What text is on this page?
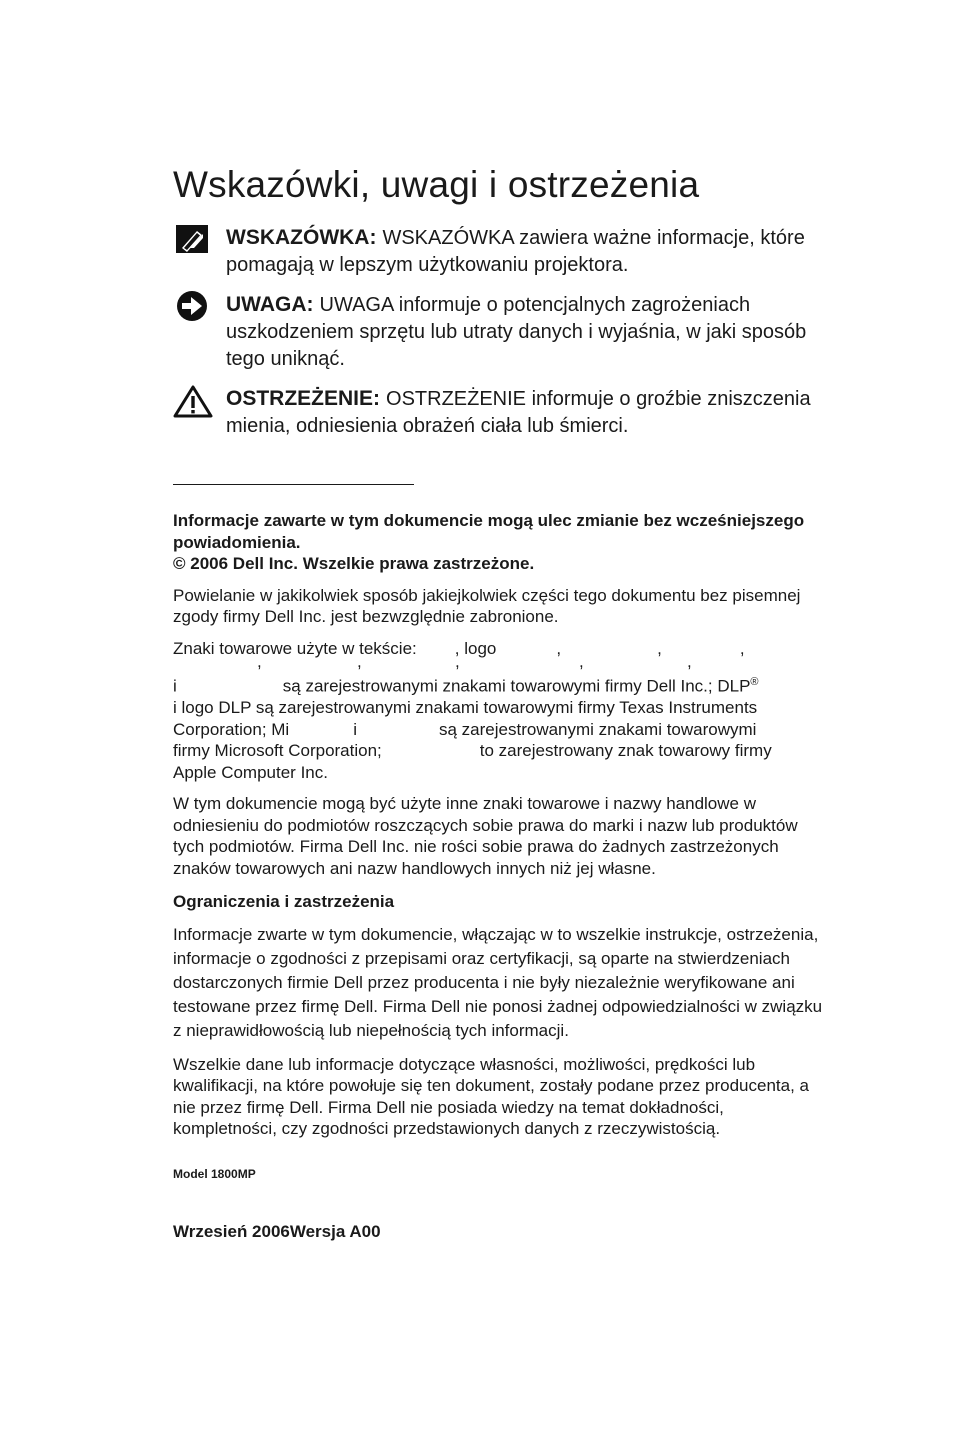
Wskazówki, uwagi i ostrzeżenia
WSKAZÓWKA: WSKAZÓWKA zawiera ważne informacje, które pomagają w lepszym użytkowaniu projektora.
UWAGA: UWAGA informuje o potencjalnych zagrożeniach uszkodzeniem sprzętu lub utraty danych i wyjaśnia, w jaki sposób tego uniknąć.
OSTRZEŻENIE: OSTRZEŻENIE informuje o groźbie zniszczenia mienia, odniesienia obrażeń ciała lub śmierci.

Informacje zawarte w tym dokumencie mogą ulec zmianie bez wcześniejszego powiadomienia.

© 2006 Dell Inc. Wszelkie prawa zastrzeżone.

Powielanie w jakikolwiek sposób jakiejkolwiek części tego dokumentu bez pisemnej zgody firmy Dell Inc. jest bezwzględnie zabronione.

Znaki towarowe użyte w tekście: , logo	,	,	,
,	,	,	,	,
i	są zarejestrowanymi znakami towarowymi firmy Dell Inc.; DLP®
i logo DLP są zarejestrowanymi znakami towarowymi firmy Texas Instruments
Corporation; Mi	i	są zarejestrowanymi znakami towarowymi
firmy Microsoft Corporation;	to zarejestrowany znak towarowy firmy
Apple Computer Inc.

W tym dokumencie mogą być użyte inne znaki towarowe i nazwy handlowe w odniesieniu do podmiotów roszczących sobie prawa do marki i nazw lub produktów tych podmiotów. Firma Dell Inc. nie rości sobie prawa do żadnych zastrzeżonych znaków towarowych ani nazw handlowych innych niż jej własne.

Ograniczenia i zastrzeżenia

Informacje zwarte w tym dokumencie, włączając w to wszelkie instrukcje, ostrzeżenia, informacje o zgodności z przepisami oraz certyfikacji, są oparte na stwierdzeniach dostarczonych firmie Dell przez producenta i nie były niezależnie weryfikowane ani testowane przez firmę Dell. Firma Dell nie ponosi żadnej odpowiedzialności w związku z nieprawidłowością lub niepełnością tych informacji.

Wszelkie dane lub informacje dotyczące własności, możliwości, prędkości lub kwalifikacji, na które powołuje się ten dokument, zostały podane przez producenta, a nie przez firmę Dell. Firma Dell nie posiada wiedzy na temat dokładności, kompletności, czy zgodności przedstawionych danych z rzeczywistością.

Model 1800MP

Wrzesień 2006Wersja A00
